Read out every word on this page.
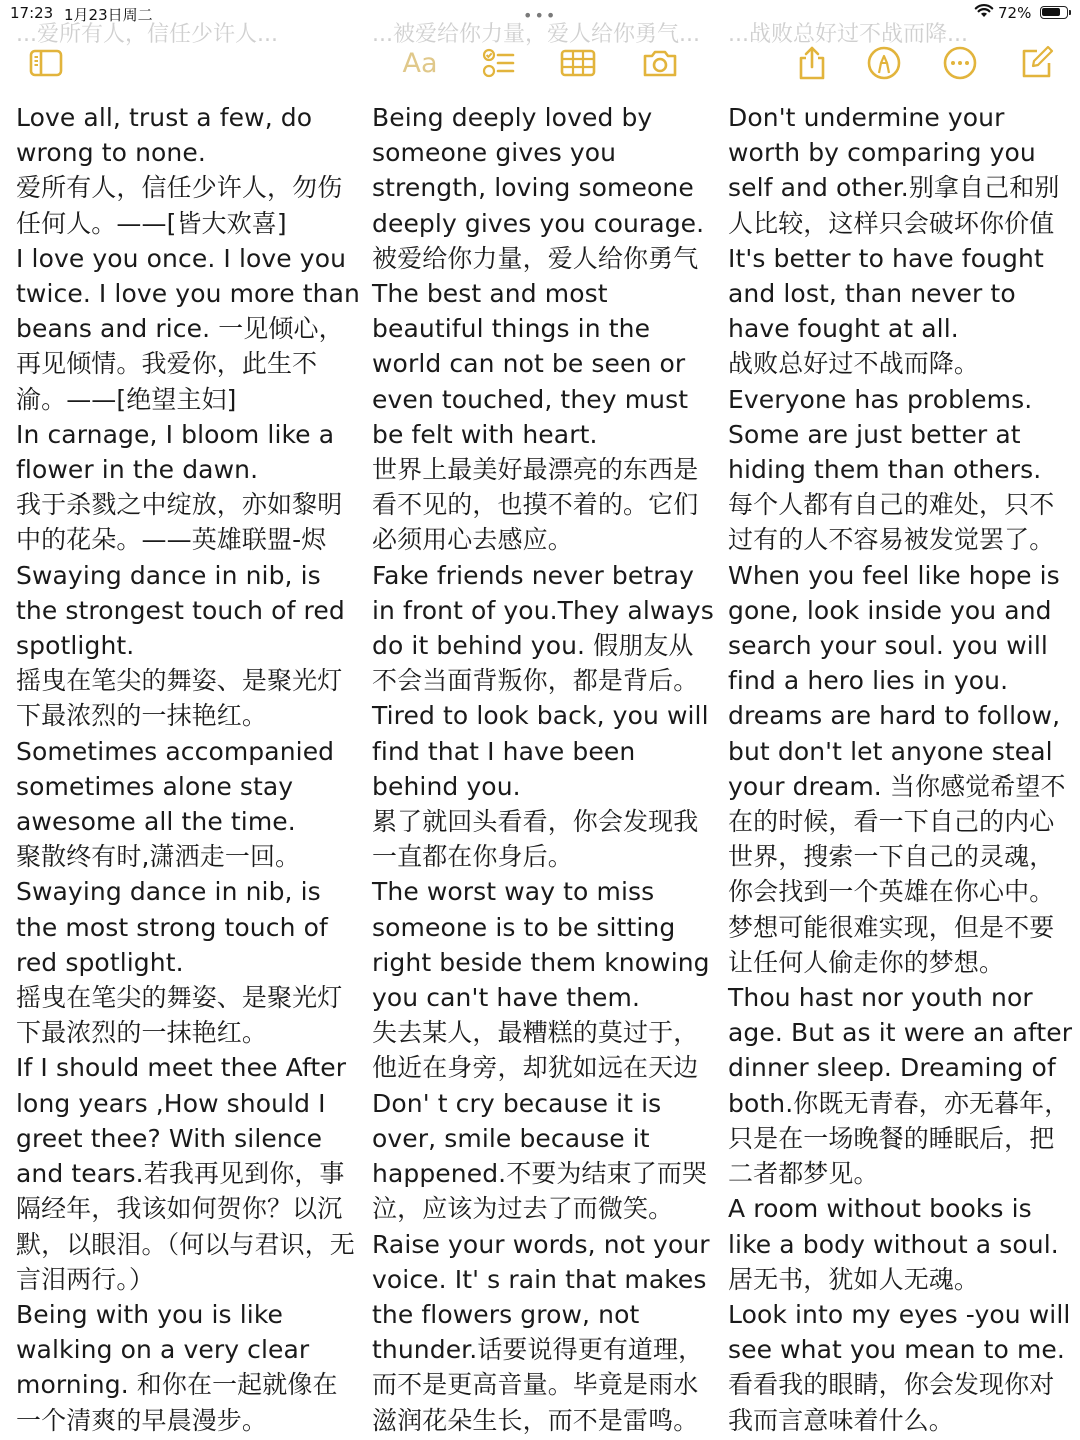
17:23 1月23日周二	•••	72%
...爱所有人，信任少许人...	...被爱给你力量，爱人给你勇气...	...战败总好过不战而降...
Aa

Love all, trust a few, do wrong to none.

爱所有人，信任少许人，勿伤任何人。——[皆大欢喜]

I love you once. I love you twice. I love you more than beans and rice. 一见倾心，再见倾情。我爱你，此生不渝。——[绝望主妇]

In carnage, I bloom like a flower in the dawn.

我于杀戮之中绽放，亦如黎明中的花朵。——英雄联盟-烬

Swaying dance in nib, is the strongest touch of red spotlight.

摇曳在笔尖的舞姿、是聚光灯下最浓烈的一抹艳红。

Sometimes accompanied sometimes alone stay awesome all the time.

聚散终有时,潇洒走一回。

Swaying dance in nib, is the most strong touch of red spotlight.

摇曳在笔尖的舞姿、是聚光灯下最浓烈的一抹艳红。

If I should meet thee After long years ,How should I greet thee? With silence and tears.若我再见到你，事隔经年，我该如何贺你？以沉默，以眼泪。（何以与君识，无言泪两行。）

Being with you is like walking on a very clear morning. 和你在一起就像在一个清爽的早晨漫步。

Being deeply loved by someone gives you strength, loving someone deeply gives you courage.

被爱给你力量，爱人给你勇气

The best and most beautiful things in the world can not be seen or even touched, they must be felt with heart.

世界上最美好最漂亮的东西是看不见的，也摸不着的。它们必须用心去感应。

Fake friends never betray in front of you.They always do it behind you. 假朋友从不会当面背叛你，都是背后。

Tired to look back, you will find that I have been behind you.

累了就回头看看，你会发现我一直都在你身后。

The worst way to miss someone is to be sitting right beside them knowing you can't have them.

失去某人，最糟糕的莫过于，他近在身旁，却犹如远在天边

Don' t cry because it is over, smile because it happened.不要为结束了而哭泣，应该为过去了而微笑。

Raise your words, not your voice. It' s rain that makes the flowers grow, not thunder.话要说得更有道理，而不是更高音量。毕竟是雨水滋润花朵生长，而不是雷鸣。

Don't undermine your worth by comparing you self and other.别拿自己和别人比较，这样只会破坏你价值

It's better to have fought and lost, than never to have fought at all.

战败总好过不战而降。

Everyone has problems. Some are just better at hiding them than others.

每个人都有自己的难处，只不过有的人不容易被发觉罢了。

When you feel like hope is gone, look inside you and search your soul. you will find a hero lies in you. dreams are hard to follow, but don't let anyone steal your dream. 当你感觉希望不在的时候，看一下自己的内心世界，搜索一下自己的灵魂，你会找到一个英雄在你心中。梦想可能很难实现，但是不要让任何人偷走你的梦想。

Thou hast nor youth nor age. But as it were an after dinner sleep. Dreaming of both.你既无青春，亦无暮年，只是在一场晚餐的睡眠后，把二者都梦见。

A room without books is like a body without a soul. 居无书，犹如人无魂。

Look into my eyes -you will see what you mean to me. 看看我的眼睛，你会发现你对我而言意味着什么。
